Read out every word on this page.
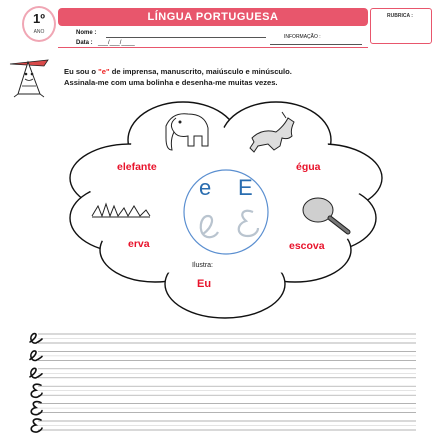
1º
ANO
LÍNGUA PORTUGUESA	RUBRICA :
Nome :
Data : ___/___/____
INFORMAÇÃO :
Eu sou o "e" de imprensa, manuscrito, maiúsculo e minúsculo.
Assinala-me com uma bolinha e desenha-me muitas vezes.
e E
elefante	égua
erva	escova
Ilustra:
Eu
